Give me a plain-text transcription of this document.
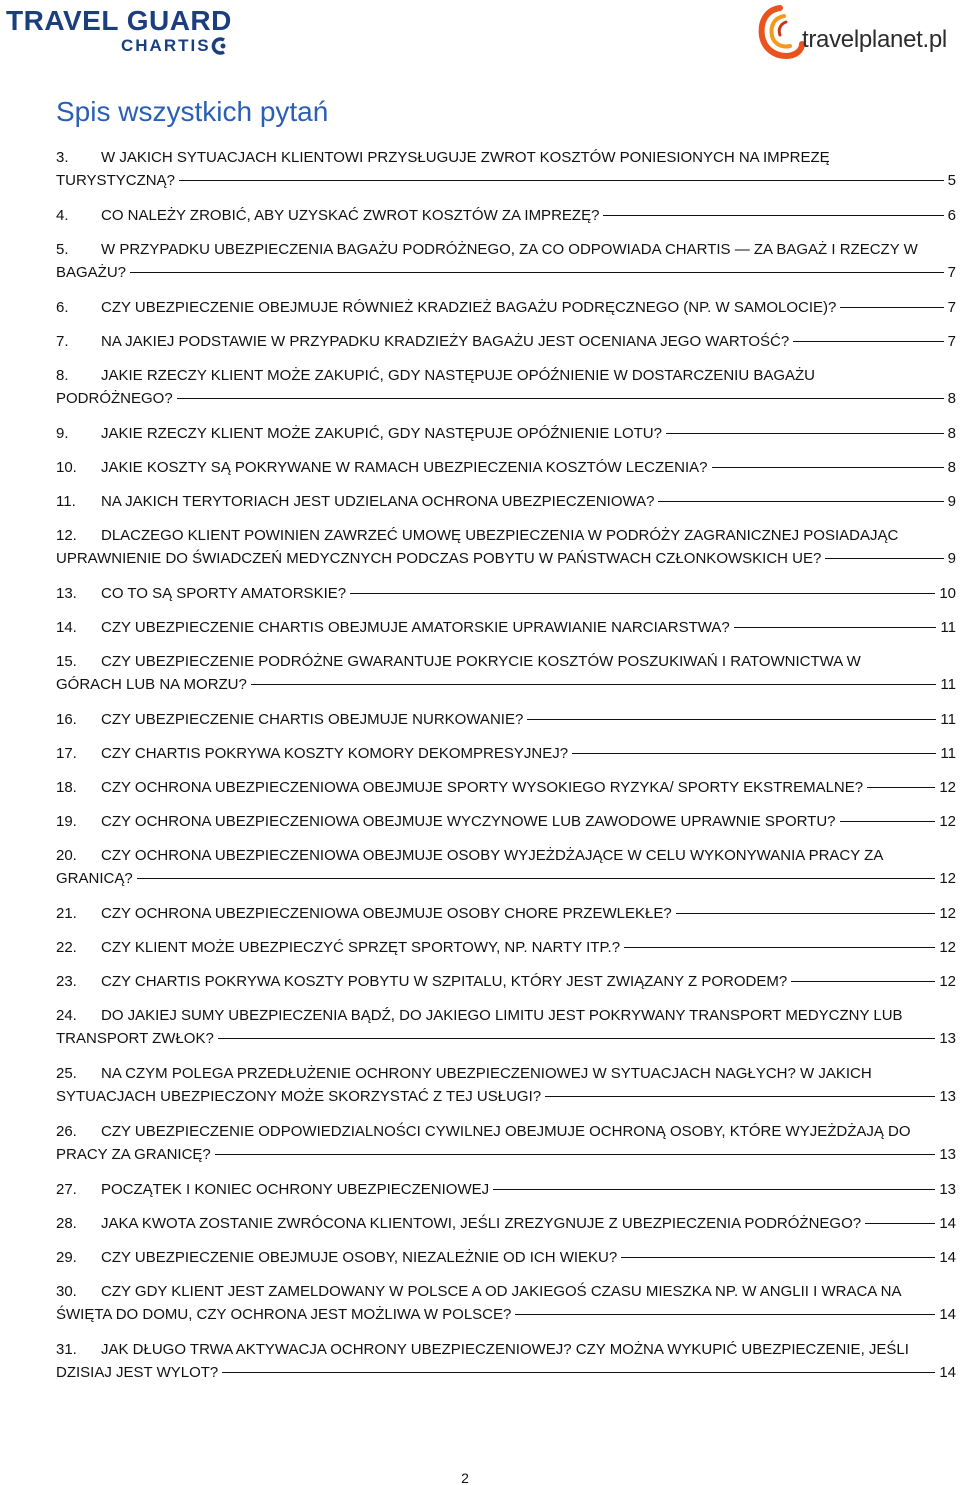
TRAVEL GUARD
CHARTIS	travelplanet.pl
Spis wszystkich pytań
3.	W JAKICH SYTUACJACH KLIENTOWI PRZYSŁUGUJE ZWROT KOSZTÓW PONIESIONYCH NA IMPREZĘ
TURYSTYCZNĄ?	5
4.	CO NALEŻY ZROBIĆ, ABY UZYSKAĆ ZWROT KOSZTÓW ZA IMPREZĘ?	6
5.	W PRZYPADKU UBEZPIECZENIA BAGAŻU PODRÓŻNEGO, ZA CO ODPOWIADA CHARTIS — ZA BAGAŻ I RZECZY W
BAGAŻU?	7
6.	CZY UBEZPIECZENIE OBEJMUJE RÓWNIEŻ KRADZIEŻ BAGAŻU PODRĘCZNEGO (NP. W SAMOLOCIE)?	7
7.	NA JAKIEJ PODSTAWIE W PRZYPADKU KRADZIEŻY BAGAŻU JEST OCENIANA JEGO WARTOŚĆ?	7
8.	JAKIE RZECZY KLIENT MOŻE ZAKUPIĆ, GDY NASTĘPUJE OPÓŹNIENIE W DOSTARCZENIU BAGAŻU
PODRÓŻNEGO?	8
9.	JAKIE RZECZY KLIENT MOŻE ZAKUPIĆ, GDY NASTĘPUJE OPÓŹNIENIE LOTU?	8
10.	JAKIE KOSZTY SĄ POKRYWANE W RAMACH UBEZPIECZENIA KOSZTÓW LECZENIA?	8
11.	NA JAKICH TERYTORIACH JEST UDZIELANA OCHRONA UBEZPIECZENIOWA?	9
12.	DLACZEGO KLIENT POWINIEN ZAWRZEĆ UMOWĘ UBEZPIECZENIA W PODRÓŻY ZAGRANICZNEJ POSIADAJĄC
UPRAWNIENIE DO ŚWIADCZEŃ MEDYCZNYCH PODCZAS POBYTU W PAŃSTWACH CZŁONKOWSKICH UE?	9
13.	CO TO SĄ SPORTY AMATORSKIE?	10
14.	CZY UBEZPIECZENIE CHARTIS OBEJMUJE AMATORSKIE UPRAWIANIE NARCIARSTWA?	11
15.	CZY UBEZPIECZENIE PODRÓŻNE GWARANTUJE POKRYCIE KOSZTÓW POSZUKIWAŃ I RATOWNICTWA W
GÓRACH LUB NA MORZU?	11
16.	CZY UBEZPIECZENIE CHARTIS OBEJMUJE NURKOWANIE?	11
17.	CZY CHARTIS POKRYWA KOSZTY KOMORY DEKOMPRESYJNEJ?	11
18.	CZY OCHRONA UBEZPIECZENIOWA OBEJMUJE SPORTY WYSOKIEGO RYZYKA/ SPORTY EKSTREMALNE?	12
19.	CZY OCHRONA UBEZPIECZENIOWA OBEJMUJE WYCZYNOWE LUB ZAWODOWE UPRAWNIE SPORTU?	12
20.	CZY OCHRONA UBEZPIECZENIOWA OBEJMUJE OSOBY WYJEŻDŻAJĄCE W CELU WYKONYWANIA PRACY ZA
GRANICĄ?	12
21.	CZY OCHRONA UBEZPIECZENIOWA OBEJMUJE OSOBY CHORE PRZEWLEKŁE?	12
22.	CZY KLIENT MOŻE UBEZPIECZYĆ SPRZĘT SPORTOWY, NP. NARTY ITP.?	12
23.	CZY CHARTIS POKRYWA KOSZTY POBYTU W SZPITALU, KTÓRY JEST ZWIĄZANY Z PORODEM?	12
24.	DO JAKIEJ SUMY UBEZPIECZENIA BĄDŹ, DO JAKIEGO LIMITU JEST POKRYWANY TRANSPORT MEDYCZNY LUB
TRANSPORT ZWŁOK?	13
25.	NA CZYM POLEGA PRZEDŁUŻENIE OCHRONY UBEZPIECZENIOWEJ W SYTUACJACH NAGŁYCH? W JAKICH
SYTUACJACH UBEZPIECZONY MOŻE SKORZYSTAĆ Z TEJ USŁUGI?	13
26.	CZY UBEZPIECZENIE ODPOWIEDZIALNOŚCI CYWILNEJ OBEJMUJE OCHRONĄ OSOBY, KTÓRE WYJEŻDŻAJĄ DO
PRACY ZA GRANICĘ?	13
27.	POCZĄTEK I KONIEC OCHRONY UBEZPIECZENIOWEJ	13
28.	JAKA KWOTA ZOSTANIE ZWRÓCONA KLIENTOWI, JEŚLI ZREZYGNUJE Z UBEZPIECZENIA PODRÓŻNEGO?	14
29.	CZY UBEZPIECZENIE OBEJMUJE OSOBY, NIEZALEŻNIE OD ICH WIEKU?	14
30.	CZY GDY KLIENT JEST ZAMELDOWANY W POLSCE A OD JAKIEGOŚ CZASU MIESZKA NP. W ANGLII I WRACA NA
ŚWIĘTA DO DOMU, CZY OCHRONA JEST MOŻLIWA W POLSCE?	14
31.	JAK DŁUGO TRWA AKTYWACJA OCHRONY UBEZPIECZENIOWEJ? CZY MOŻNA WYKUPIĆ UBEZPIECZENIE, JEŚLI
DZISIAJ JEST WYLOT?	14
2
